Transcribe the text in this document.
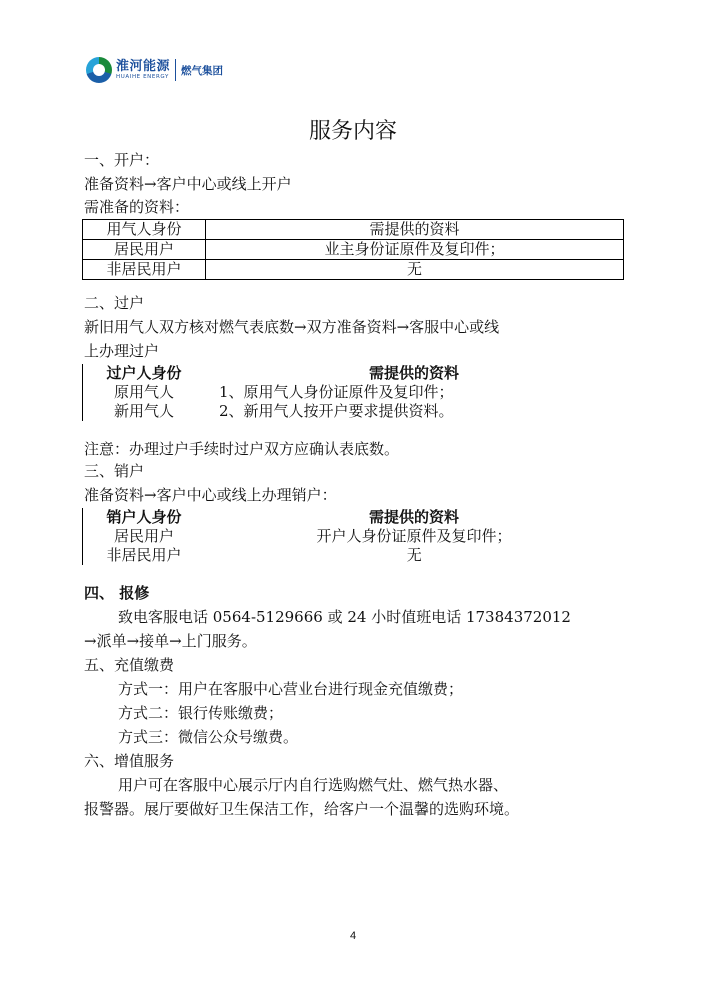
淮河能源
HUAIHE ENERGY
燃气集团
服务内容
一、开户：
准备资料→客户中心或线上开户
需准备的资料：
用气人身份	需提供的资料
居民用户	业主身份证原件及复印件；
非居民用户	无
二、过户
新旧用气人双方核对燃气表底数→双方准备资料→客服中心或线
上办理过户
过户人身份	需提供的资料
原用气人	1、原用气人身份证原件及复印件；
新用气人	2、新用气人按开户要求提供资料。
注意：办理过户手续时过户双方应确认表底数。
三、销户
准备资料→客户中心或线上办理销户：
销户人身份	需提供的资料
居民用户	开户人身份证原件及复印件；
非居民用户	无
四、 报修
致电客服电话 0564-5129666 或 24 小时值班电话 17384372012
→派单→接单→上门服务。
五、充值缴费
方式一：用户在客服中心营业台进行现金充值缴费；
方式二：银行传账缴费；
方式三：微信公众号缴费。
六、增值服务
用户可在客服中心展示厅内自行选购燃气灶、燃气热水器、
报警器。展厅要做好卫生保洁工作，给客户一个温馨的选购环境。
4
